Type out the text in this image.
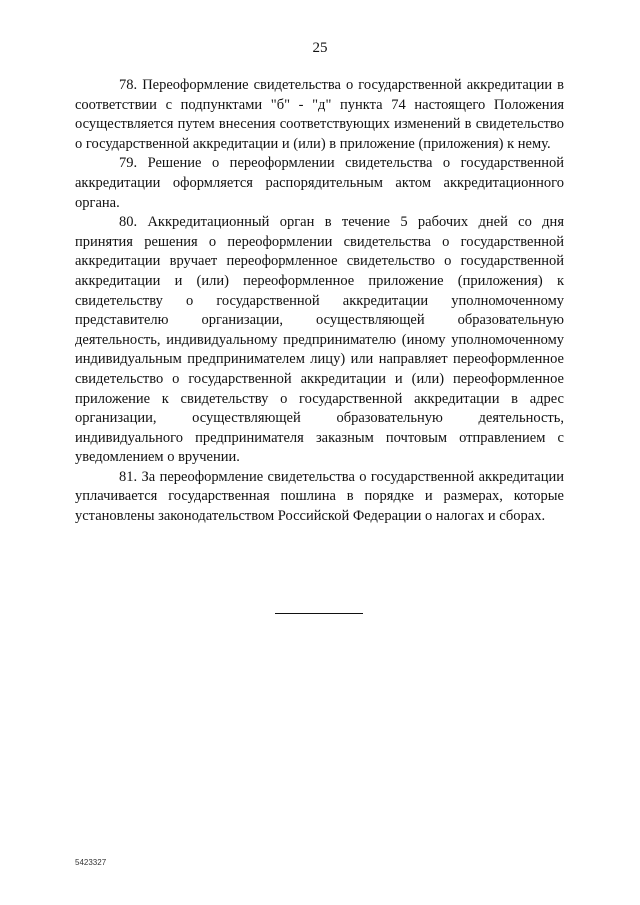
25

78. Переоформление свидетельства о государственной аккредитации в соответствии с подпунктами "б" - "д" пункта 74 настоящего Положения осуществляется путем внесения соответствующих изменений в свидетельство о государственной аккредитации и (или) в приложение (приложения) к нему.

79. Решение о переоформлении свидетельства о государственной аккредитации оформляется распорядительным актом аккредитационного органа.

80. Аккредитационный орган в течение 5 рабочих дней со дня принятия решения о переоформлении свидетельства о государственной аккредитации вручает переоформленное свидетельство о государственной аккредитации и (или) переоформленное приложение (приложения) к свидетельству о государственной аккредитации уполномоченному представителю организации, осуществляющей образовательную деятельность, индивидуальному предпринимателю (иному уполномоченному индивидуальным предпринимателем лицу) или направляет переоформленное свидетельство о государственной аккредитации и (или) переоформленное приложение к свидетельству о государственной аккредитации в адрес организации, осуществляющей образовательную деятельность, индивидуального предпринимателя заказным почтовым отправлением с уведомлением о вручении.

81. За переоформление свидетельства о государственной аккредитации уплачивается государственная пошлина в порядке и размерах, которые установлены законодательством Российской Федерации о налогах и сборах.

5423327
